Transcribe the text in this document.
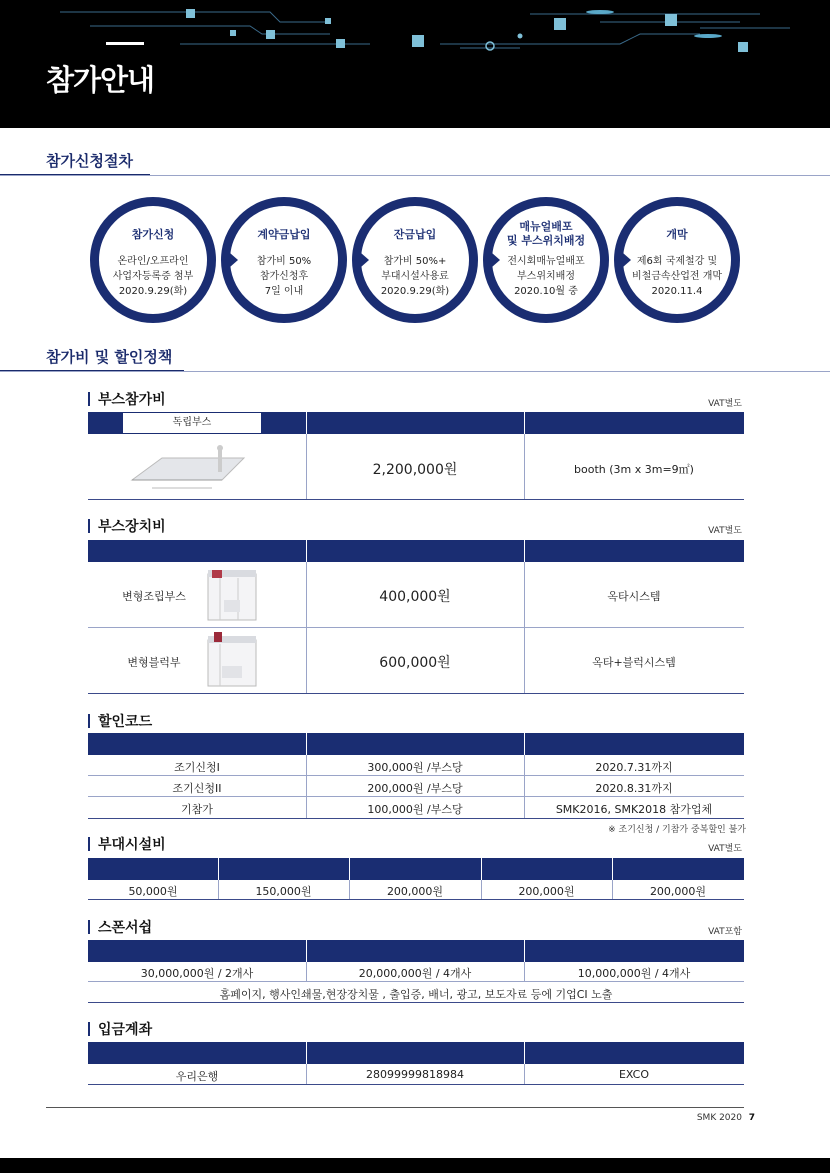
참가안내
참가신청절차
참가신청
온라인/오프라인
사업자등록증 첨부
2020.9.29(화)
계약금납입
참가비 50%
참가신청후
7일 이내
잔금납입
참가비 50%+
부대시설사용료
2020.9.29(화)
매뉴얼배포
및 부스위치배정
전시회매뉴얼배포
부스위치배정
2020.10월 중
개막
제6회 국제철강 및
비철금속산업전 개막
2020.11.4
참가비 및 할인정책
부스참가비	VAT별도
독립부스
2,200,000원	booth (3m x 3m=9㎡)
부스장치비	VAT별도
변형조립부스	400,000원	옥타시스템
변형블럭부	600,000원	옥타+블럭시스템
할인코드
조기신청I	300,000원 /부스당	2020.7.31까지
조기신청II	200,000원 /부스당	2020.8.31까지
기참가	100,000원 /부스당	SMK2016, SMK2018 참가업체
※ 조기신청 / 기참가 중복할인 불가
부대시설비	VAT별도
50,000원	150,000원	200,000원	200,000원	200,000원
스폰서쉽	VAT포함
30,000,000원 / 2개사	20,000,000원 / 4개사	10,000,000원 / 4개사
홈페이지, 행사인쇄물,현장장치물 , 출입증, 배너, 광고, 보도자료 등에 기업CI 노출
입금계좌
우리은행	28099999818984	EXCO
SMK 2020 7
